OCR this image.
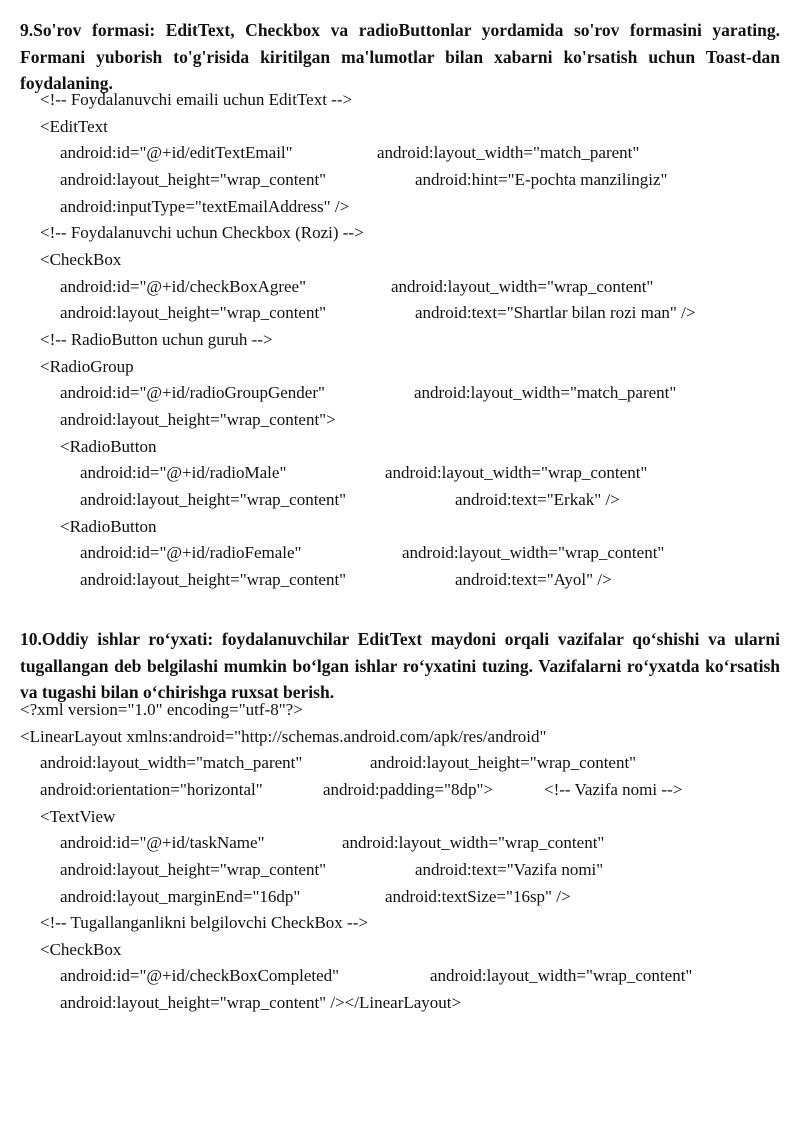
9.So'rov formasi: EditText, Checkbox va radioButtonlar yordamida so'rov formasini yarating. Formani yuborish to'g'risida kiritilgan ma'lumotlar bilan xabarni ko'rsatish uchun Toast-dan foydalaning.

<!-- Foydalanuvchi emaili uchun EditText -->
<EditText
android:id="@+id/editTextEmail"	android:layout_width="match_parent"
android:layout_height="wrap_content"	android:hint="E-pochta manzilingiz"
android:inputType="textEmailAddress" />
<!-- Foydalanuvchi uchun Checkbox (Rozi) -->
<CheckBox
android:id="@+id/checkBoxAgree"	android:layout_width="wrap_content"
android:layout_height="wrap_content"	android:text="Shartlar bilan rozi man" />
<!-- RadioButton uchun guruh -->
<RadioGroup
android:id="@+id/radioGroupGender"	android:layout_width="match_parent"
android:layout_height="wrap_content">
<RadioButton
android:id="@+id/radioMale"	android:layout_width="wrap_content"
android:layout_height="wrap_content"	android:text="Erkak" />
<RadioButton
android:id="@+id/radioFemale"	android:layout_width="wrap_content"
android:layout_height="wrap_content"	android:text="Ayol" />

10.Oddiy ishlar roʻyxati: foydalanuvchilar EditText maydoni orqali vazifalar qoʻshishi va ularni tugallangan deb belgilashi mumkin boʻlgan ishlar roʻyxatini tuzing. Vazifalarni roʻyxatda koʻrsatish va tugashi bilan oʻchirishga ruxsat berish.

<?xml version="1.0" encoding="utf-8"?>
<LinearLayout xmlns:android="http://schemas.android.com/apk/res/android"
android:layout_width="match_parent"	android:layout_height="wrap_content"
android:orientation="horizontal"	android:padding="8dp">	<!-- Vazifa nomi -->
<TextView
android:id="@+id/taskName"	android:layout_width="wrap_content"
android:layout_height="wrap_content"	android:text="Vazifa nomi"
android:layout_marginEnd="16dp"	android:textSize="16sp" />
<!-- Tugallanganlikni belgilovchi CheckBox -->
<CheckBox
android:id="@+id/checkBoxCompleted"	android:layout_width="wrap_content"
android:layout_height="wrap_content" /></LinearLayout>
